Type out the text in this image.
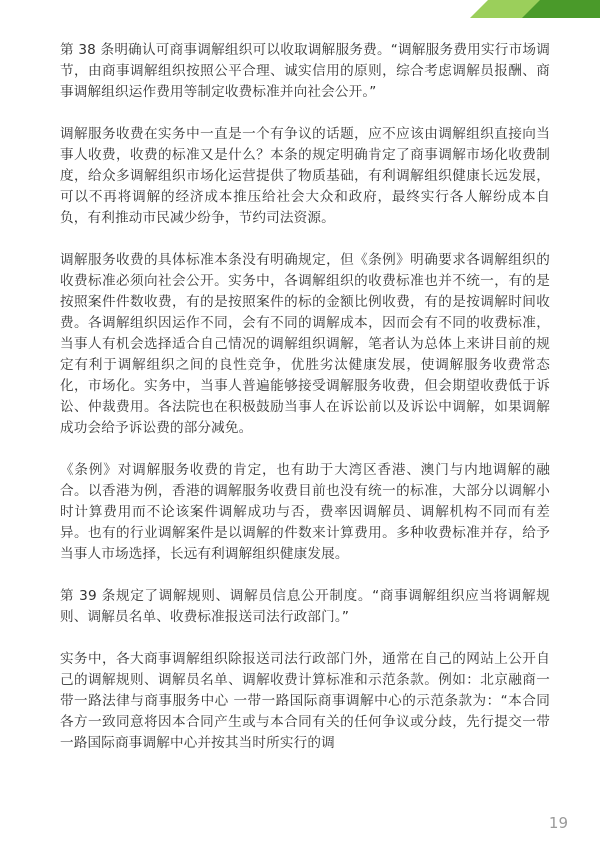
第 38 条明确认可商事调解组织可以收取调解服务费。“调解服务费用实行市场调节，由商事调解组织按照公平合理、诚实信用的原则，综合考虑调解员报酬、商事调解组织运作费用等制定收费标准并向社会公开。”

调解服务收费在实务中一直是一个有争议的话题，应不应该由调解组织直接向当事人收费，收费的标准又是什么？本条的规定明确肯定了商事调解市场化收费制度，给众多调解组织市场化运营提供了物质基础，有利调解组织健康长远发展，可以不再将调解的经济成本推压给社会大众和政府，最终实行各人解纷成本自负，有利推动市民减少纷争，节约司法资源。

调解服务收费的具体标准本条没有明确规定，但《条例》明确要求各调解组织的收费标准必须向社会公开。实务中，各调解组织的收费标准也并不统一，有的是按照案件件数收费，有的是按照案件的标的金额比例收费，有的是按调解时间收费。各调解组织因运作不同，会有不同的调解成本，因而会有不同的收费标准，当事人有机会选择适合自己情况的调解组织调解，笔者认为总体上来讲目前的规定有利于调解组织之间的良性竞争，优胜劣汰健康发展，使调解服务收费常态化，市场化。实务中，当事人普遍能够接受调解服务收费，但会期望收费低于诉讼、仲裁费用。各法院也在积极鼓励当事人在诉讼前以及诉讼中调解，如果调解成功会给予诉讼费的部分减免。

《条例》对调解服务收费的肯定，也有助于大湾区香港、澳门与内地调解的融合。以香港为例，香港的调解服务收费目前也没有统一的标准，大部分以调解小时计算费用而不论该案件调解成功与否，费率因调解员、调解机构不同而有差异。也有的行业调解案件是以调解的件数来计算费用。多种收费标准并存，给予当事人市场选择，长远有利调解组织健康发展。

第 39 条规定了调解规则、调解员信息公开制度。“商事调解组织应当将调解规则、调解员名单、收费标准报送司法行政部门。”

实务中，各大商事调解组织除报送司法行政部门外，通常在自己的网站上公开自己的调解规则、调解员名单、调解收费计算标准和示范条款。例如：北京融商一带一路法律与商事服务中心 一带一路国际商事调解中心的示范条款为：“本合同各方一致同意将因本合同产生或与本合同有关的任何争议或分歧，先行提交一带一路国际商事调解中心并按其当时所实行的调

19
